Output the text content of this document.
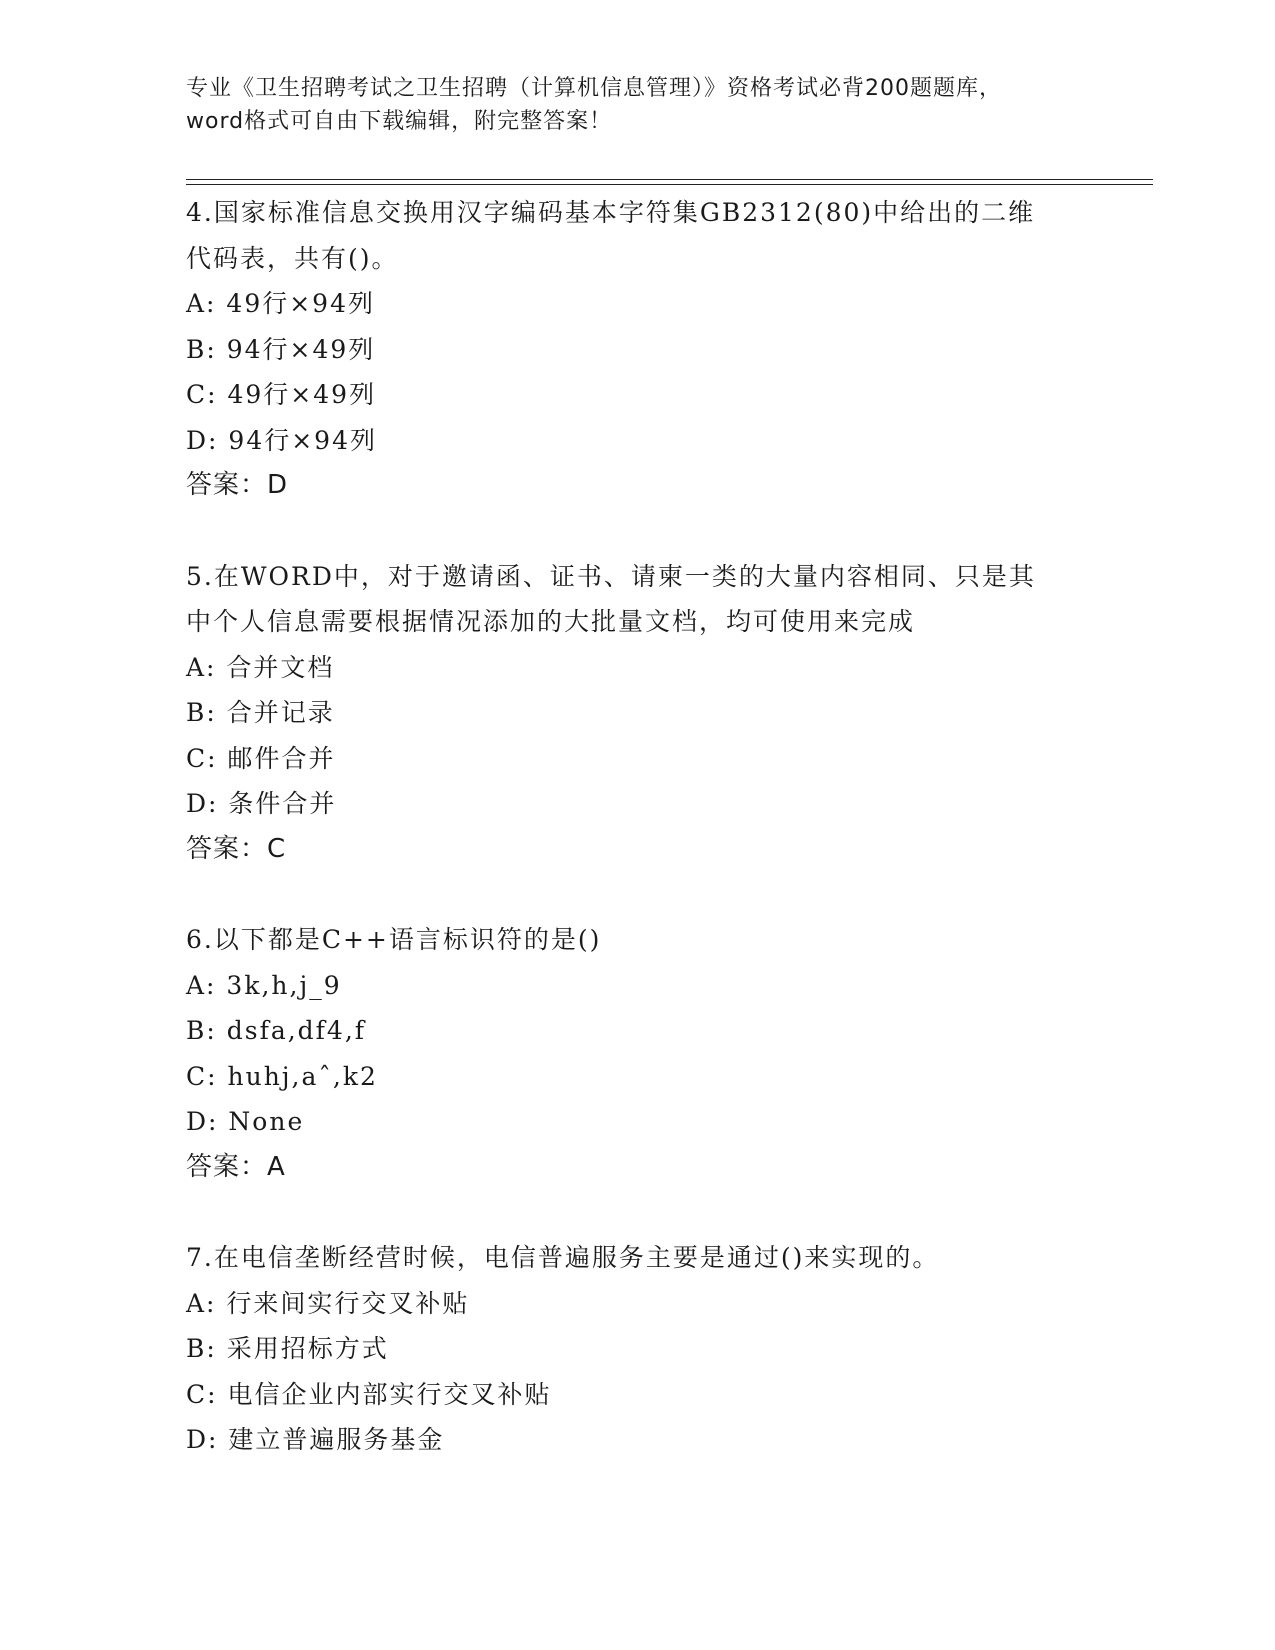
专业《卫生招聘考试之卫生招聘（计算机信息管理）》资格考试必背200题题库，
word格式可自由下载编辑，附完整答案！

4.国家标准信息交换用汉字编码基本字符集GB2312(80)中给出的二维

代码表，共有()。

A: 49行×94列

B: 94行×49列

C: 49行×49列

D: 94行×94列

答案：D

5.在WORD中，对于邀请函、证书、请柬一类的大量内容相同、只是其

中个人信息需要根据情况添加的大批量文档，均可使用来完成

A: 合并文档

B: 合并记录

C: 邮件合并

D: 条件合并

答案：C

6.以下都是C++语言标识符的是()

A: 3k,h,j_9

B: dsfa,df4,f

C: huhj,aˆ,k2

D: None

答案：A

7.在电信垄断经营时候，电信普遍服务主要是通过()来实现的。

A: 行来间实行交叉补贴

B: 采用招标方式

C: 电信企业内部实行交叉补贴

D: 建立普遍服务基金
